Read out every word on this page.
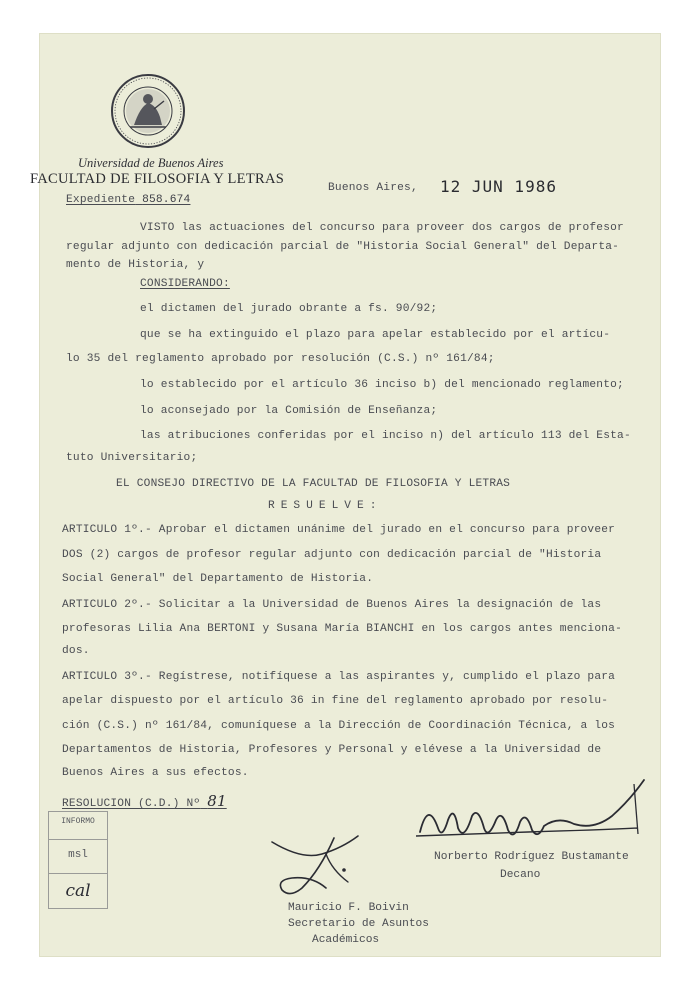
Universidad de Buenos Aires
FACULTAD DE FILOSOFIA Y LETRAS
Buenos Aires, 12 JUN 1986
Expediente 858.674
VISTO las actuaciones del concurso para proveer dos cargos de profesor
regular adjunto con dedicación parcial de "Historia Social General" del Departa-
mento de Historia, y
CONSIDERANDO:
el dictamen del jurado obrante a fs. 90/92;
que se ha extinguido el plazo para apelar establecido por el artícu-
lo 35 del reglamento aprobado por resolución (C.S.) nº 161/84;
lo establecido por el artículo 36 inciso b) del mencionado reglamento;
lo aconsejado por la Comisión de Enseñanza;
las atribuciones conferidas por el inciso n) del artículo 113 del Esta-
tuto Universitario;
EL CONSEJO DIRECTIVO DE LA FACULTAD DE FILOSOFIA Y LETRAS
RESUELVE:
ARTICULO 1º.- Aprobar el dictamen unánime del jurado en el concurso para proveer
DOS (2) cargos de profesor regular adjunto con dedicación parcial de "Historia
Social General" del Departamento de Historia.
ARTICULO 2º.- Solicitar a la Universidad de Buenos Aires la designación de las
profesoras Lilia Ana BERTONI y Susana María BIANCHI en los cargos antes menciona-
dos.
ARTICULO 3º.- Regístrese, notifíquese a las aspirantes y, cumplido el plazo para
apelar dispuesto por el artículo 36 in fine del reglamento aprobado por resolu-
ción (C.S.) nº 161/84, comuníquese a la Dirección de Coordinación Técnica, a los
Departamentos de Historia, Profesores y Personal y elévese a la Universidad de
Buenos Aires a sus efectos.
RESOLUCION (C.D.) Nº 81
INFORMO
msl
cal
Norberto Rodríguez Bustamante
Decano
Mauricio F. Boivin
Secretario de Asuntos
Académicos
